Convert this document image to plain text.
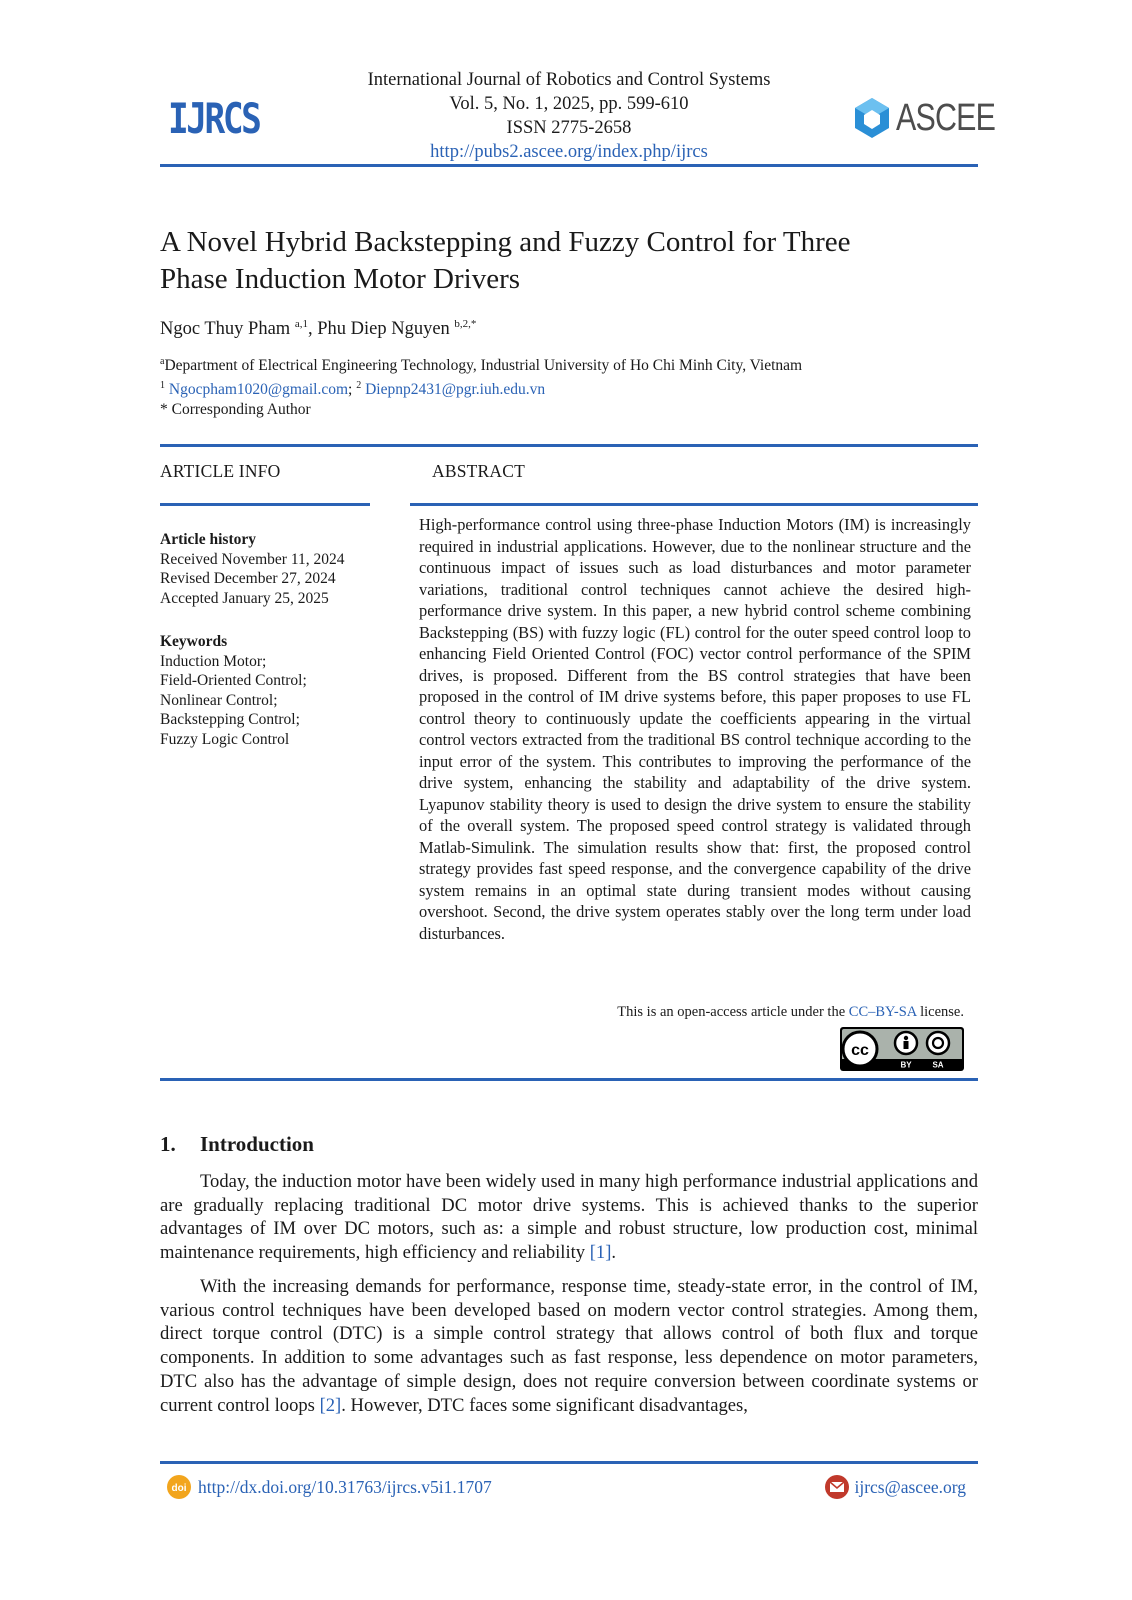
IJRCS
International Journal of Robotics and Control Systems
Vol. 5, No. 1, 2025, pp. 599-610
ISSN 2775-2658
http://pubs2.ascee.org/index.php/ijrcs
ASCEE
A Novel Hybrid Backstepping and Fuzzy Control for Three
Phase Induction Motor Drivers
Ngoc Thuy Pham $^{a,1}$, Phu Diep Nguyen $^{b,2,*}$
$^a$Department of Electrical Engineering Technology, Industrial University of Ho Chi Minh City, Vietnam
$^1$ Ngocpham1020@gmail.com; $^2$ Diepnp2431@pgr.iuh.edu.vn
* Corresponding Author
ARTICLE INFO	ABSTRACT
Article history
Received November 11, 2024
Revised December 27, 2024
Accepted January 25, 2025
Keywords
Induction Motor;
Field-Oriented Control;
Nonlinear Control;
Backstepping Control;
Fuzzy Logic Control
High-performance control using three-phase Induction Motors (IM) is increasingly required in industrial applications. However, due to the nonlinear structure and the continuous impact of issues such as load disturbances and motor parameter variations, traditional control techniques cannot achieve the desired high-performance drive system. In this paper, a new hybrid control scheme combining Backstepping (BS) with fuzzy logic (FL) control for the outer speed control loop to enhancing Field Oriented Control (FOC) vector control performance of the SPIM drives, is proposed. Different from the BS control strategies that have been proposed in the control of IM drive systems before, this paper proposes to use FL control theory to continuously update the coefficients appearing in the virtual control vectors extracted from the traditional BS control technique according to the input error of the system. This contributes to improving the performance of the drive system, enhancing the stability and adaptability of the drive system. Lyapunov stability theory is used to design the drive system to ensure the stability of the overall system. The proposed speed control strategy is validated through Matlab-Simulink. The simulation results show that: first, the proposed control strategy provides fast speed response, and the convergence capability of the drive system remains in an optimal state during transient modes without causing overshoot. Second, the drive system operates stably over the long term under load disturbances.
This is an open-access article under the CC–BY-SA license.
cc
BY	SA
1. Introduction
Today, the induction motor have been widely used in many high performance industrial applications and are gradually replacing traditional DC motor drive systems. This is achieved thanks to the superior advantages of IM over DC motors, such as: a simple and robust structure, low production cost, minimal maintenance requirements, high efficiency and reliability [1].
With the increasing demands for performance, response time, steady-state error, in the control of IM, various control techniques have been developed based on modern vector control strategies. Among them, direct torque control (DTC) is a simple control strategy that allows control of both flux and torque components. In addition to some advantages such as fast response, less dependence on motor parameters, DTC also has the advantage of simple design, does not require conversion between coordinate systems or current control loops [2]. However, DTC faces some significant disadvantages,
doi http://dx.doi.org/10.31763/ijrcs.v5i1.1707	ijrcs@ascee.org
